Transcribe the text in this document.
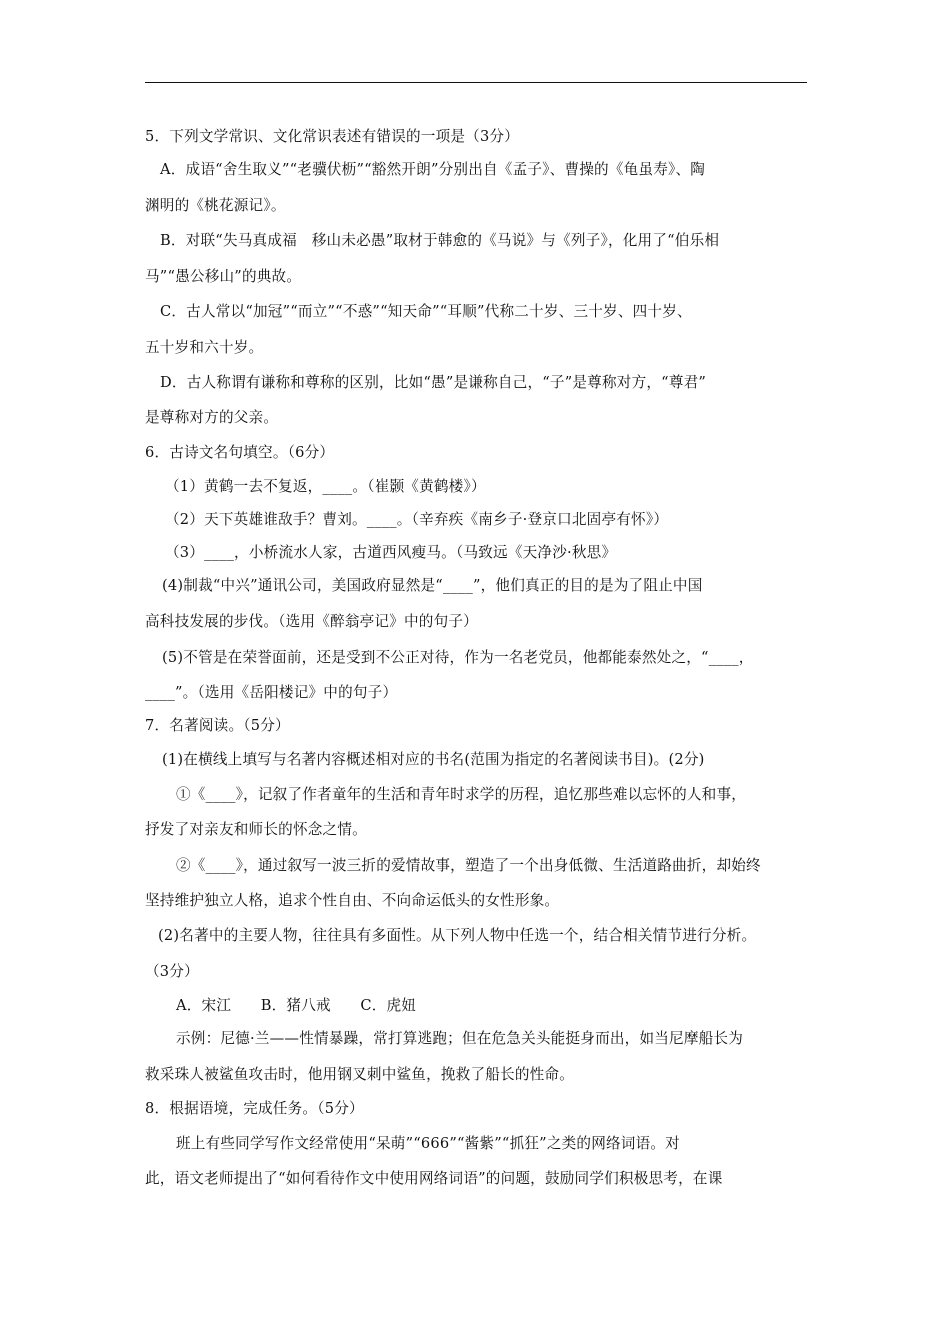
5．下列文学常识、文化常识表述有错误的一项是（3分）
A．成语“舍生取义”“老骥伏枥”“豁然开朗”分别出自《孟子》、曹操的《龟虽寿》、陶
渊明的《桃花源记》。
B．对联“失马真成福　移山未必愚”取材于韩愈的《马说》与《列子》，化用了“伯乐相
马”“愚公移山”的典故。
C．古人常以“加冠”“而立”“不惑”“知天命”“耳顺”代称二十岁、三十岁、四十岁、
五十岁和六十岁。
D．古人称谓有谦称和尊称的区别，比如“愚”是谦称自己，“子”是尊称对方，“尊君”
是尊称对方的父亲。
6．古诗文名句填空。（6分）
（1）黄鹤一去不复返，____。（崔颢《黄鹤楼》）
（2）天下英雄谁敌手？曹刘。____。（辛弃疾《南乡子·登京口北固亭有怀》）
（3）____，小桥流水人家，古道西风瘦马。（马致远《天净沙·秋思》
(4)制裁“中兴”通讯公司，美国政府显然是“____”，他们真正的目的是为了阻止中国
高科技发展的步伐。（选用《醉翁亭记》中的句子）
(5)不管是在荣誉面前，还是受到不公正对待，作为一名老党员，他都能泰然处之，“____，
____”。（选用《岳阳楼记》中的句子）
7．名著阅读。（5分）
(1)在横线上填写与名著内容概述相对应的书名(范围为指定的名著阅读书目)。(2分)
①《____》，记叙了作者童年的生活和青年时求学的历程，追忆那些难以忘怀的人和事，
抒发了对亲友和师长的怀念之情。
②《____》，通过叙写一波三折的爱情故事，塑造了一个出身低微、生活道路曲折，却始终
坚持维护独立人格，追求个性自由、不向命运低头的女性形象。
(2)名著中的主要人物，往往具有多面性。从下列人物中任选一个，结合相关情节进行分析。
（3分）
A．宋江　　B．猪八戒　　C．虎妞
示例：尼德·兰——性情暴躁，常打算逃跑；但在危急关头能挺身而出，如当尼摩船长为
救采珠人被鲨鱼攻击时，他用钢叉刺中鲨鱼，挽救了船长的性命。
8．根据语境，完成任务。（5分）
班上有些同学写作文经常使用“呆萌”“666”“酱紫”“抓狂”之类的网络词语。对
此，语文老师提出了“如何看待作文中使用网络词语”的问题，鼓励同学们积极思考，在课
